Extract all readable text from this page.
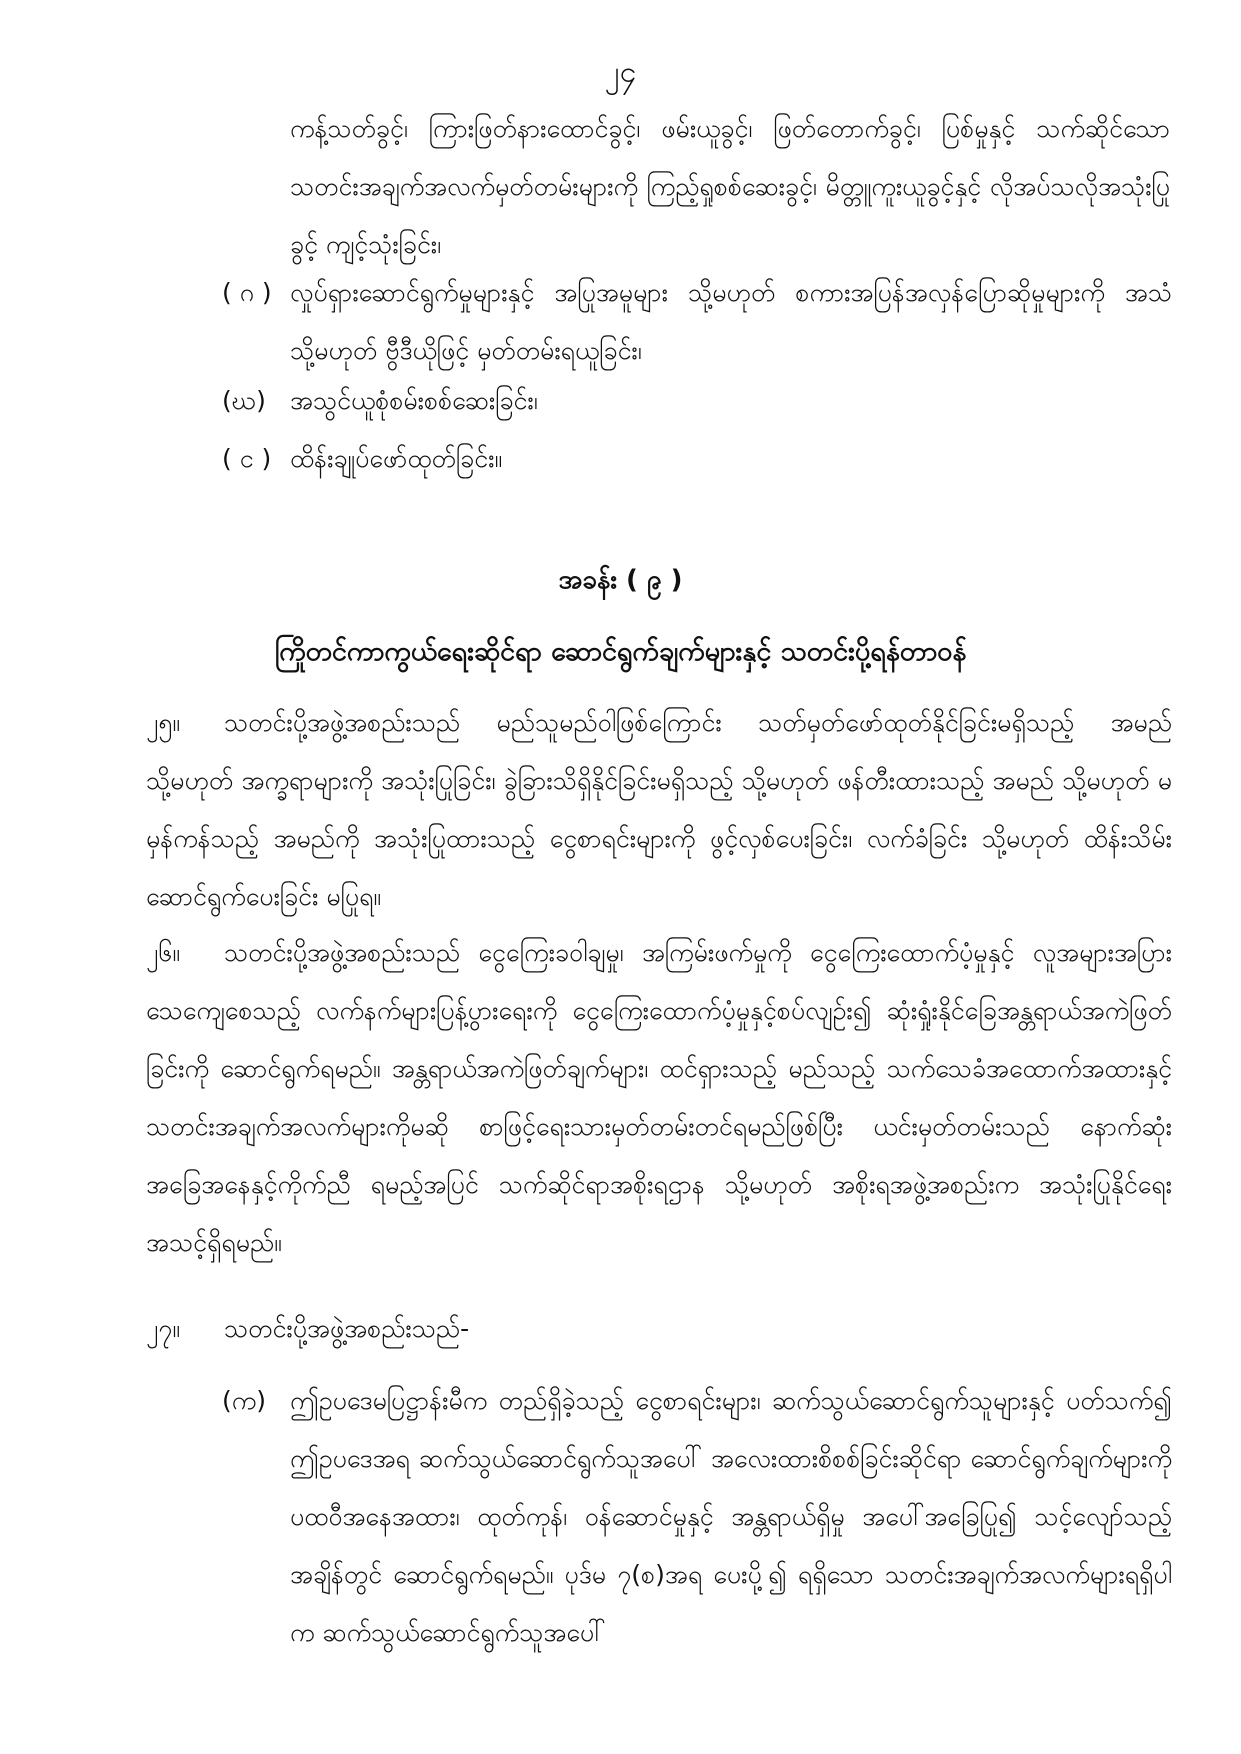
၂၄
ကန့်သတ်ခွင့်၊ ကြားဖြတ်နားထောင်ခွင့်၊ ဖမ်းယူခွင့်၊ ဖြတ်တောက်ခွင့်၊ ပြစ်မှုနှင့် သက်ဆိုင်သော သတင်းအချက်အလက်မှတ်တမ်းများကို ကြည့်ရှုစစ်ဆေးခွင့်၊ မိတ္တူကူးယူခွင့်နှင့် လိုအပ်သလိုအသုံးပြုခွင့် ကျင့်သုံးခြင်း၊
( ဂ ) လှုပ်ရှားဆောင်ရွက်မှုများနှင့် အပြုအမူများ သို့မဟုတ် စကားအပြန်အလှန်ပြောဆိုမှုများကို အသံ သို့မဟုတ် ဗွီဒီယိုဖြင့် မှတ်တမ်းရယူခြင်း၊
(ဃ) အသွင်ယူစုံစမ်းစစ်ဆေးခြင်း၊
( င ) ထိန်းချုပ်ဖော်ထုတ်ခြင်း။
အခန်း ( ၉ )
ကြိုတင်ကာကွယ်ရေးဆိုင်ရာ ဆောင်ရွက်ချက်များနှင့် သတင်းပို့ရန်တာဝန်
၂၅။ သတင်းပို့အဖွဲ့အစည်းသည် မည်သူမည်ဝါဖြစ်ကြောင်း သတ်မှတ်ဖော်ထုတ်နိုင်ခြင်းမရှိသည့် အမည် သို့မဟုတ် အက္ခရာများကို အသုံးပြုခြင်း၊ ခွဲခြားသိရှိနိုင်ခြင်းမရှိသည့် သို့မဟုတ် ဖန်တီးထားသည့် အမည် သို့မဟုတ် မမှန်ကန်သည့် အမည်ကို အသုံးပြုထားသည့် ငွေစာရင်းများကို ဖွင့်လှစ်ပေးခြင်း၊ လက်ခံခြင်း သို့မဟုတ် ထိန်းသိမ်းဆောင်ရွက်ပေးခြင်း မပြုရ။
၂၆။ သတင်းပို့အဖွဲ့အစည်းသည် ငွေကြေးခဝါချမှု၊ အကြမ်းဖက်မှုကို ငွေကြေးထောက်ပံ့မှုနှင့် လူအများအပြားသေကျေစေသည့် လက်နက်များပြန့်ပွားရေးကို ငွေကြေးထောက်ပံ့မှုနှင့်စပ်လျဉ်း၍ ဆုံးရှုံးနိုင်ခြေအန္တရာယ်အကဲဖြတ်ခြင်းကို ဆောင်ရွက်ရမည်။ အန္တရာယ်အကဲဖြတ်ချက်များ၊ ထင်ရှားသည့် မည်သည့် သက်သေခံအထောက်အထားနှင့် သတင်းအချက်အလက်များကိုမဆို စာဖြင့်ရေးသားမှတ်တမ်းတင်ရမည်ဖြစ်ပြီး ယင်းမှတ်တမ်းသည် နောက်ဆုံးအခြေအနေနှင့်ကိုက်ညီ ရမည့်အပြင် သက်ဆိုင်ရာအစိုးရဌာန သို့မဟုတ် အစိုးရအဖွဲ့အစည်းက အသုံးပြုနိုင်ရေး အသင့်ရှိရမည်။
၂၇။ သတင်းပို့အဖွဲ့အစည်းသည်-
(က) ဤဥပဒေမပြဋ္ဌာန်းမီက တည်ရှိခဲ့သည့် ငွေစာရင်းများ၊ ဆက်သွယ်ဆောင်ရွက်သူများနှင့် ပတ်သက်၍ ဤဥပဒေအရ ဆက်သွယ်ဆောင်ရွက်သူအပေါ် အလေးထားစိစစ်ခြင်းဆိုင်ရာ ဆောင်ရွက်ချက်များကို ပထဝီအနေအထား၊ ထုတ်ကုန်၊ ဝန်ဆောင်မှုနှင့် အန္တရာယ်ရှိမှု အပေါ်အခြေပြု၍ သင့်လျော်သည့်အချိန်တွင် ဆောင်ရွက်ရမည်။ ပုဒ်မ ၇(စ)အရ ပေးပို့၍ ရရှိသော သတင်းအချက်အလက်များရရှိပါက ဆက်သွယ်ဆောင်ရွက်သူအပေါ်
